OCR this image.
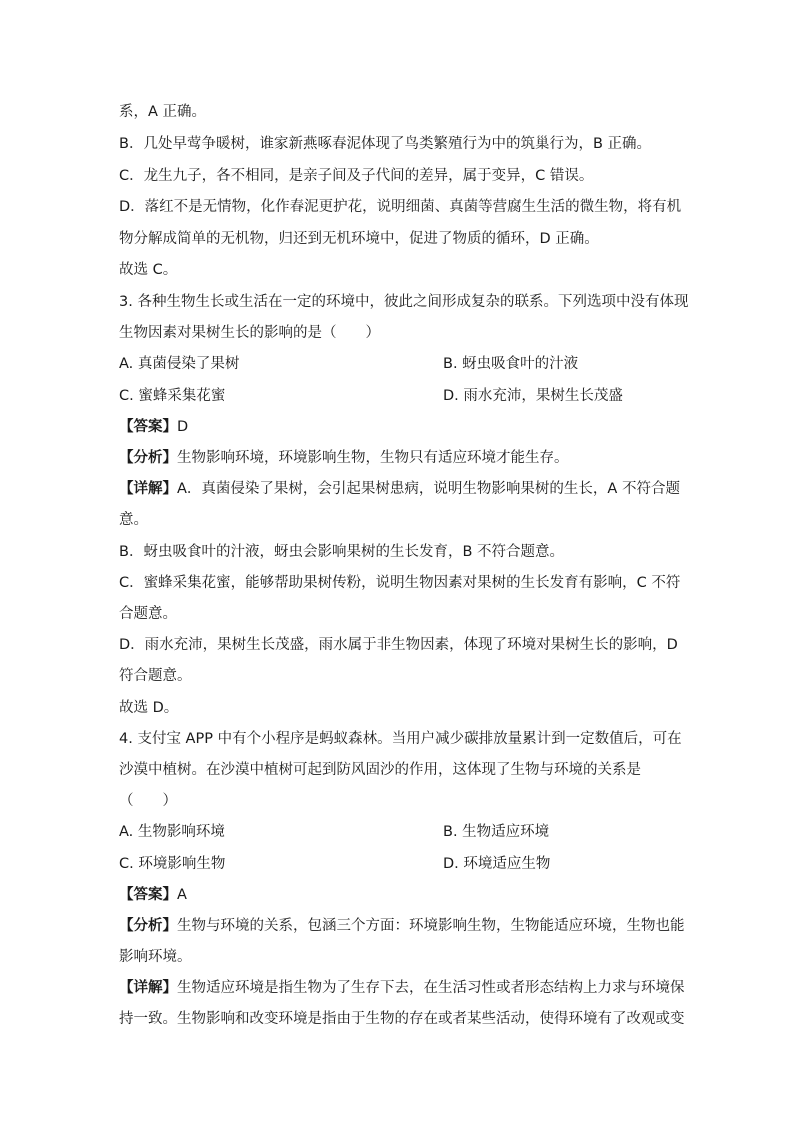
系，A 正确。
B．几处早莺争暖树，谁家新燕啄春泥体现了鸟类繁殖行为中的筑巢行为，B 正确。
C．龙生九子，各不相同，是亲子间及子代间的差异，属于变异，C 错误。
D．落红不是无情物，化作春泥更护花，说明细菌、真菌等营腐生生活的微生物，将有机
物分解成简单的无机物，归还到无机环境中，促进了物质的循环，D 正确。
故选 C。
3. 各种生物生长或生活在一定的环境中，彼此之间形成复杂的联系。下列选项中没有体现
生物因素对果树生长的影响的是（　　）
A. 真菌侵染了果树	B. 蚜虫吸食叶的汁液
C. 蜜蜂采集花蜜	D. 雨水充沛，果树生长茂盛
【答案】D
【分析】生物影响环境，环境影响生物，生物只有适应环境才能生存。
【详解】A．真菌侵染了果树，会引起果树患病，说明生物影响果树的生长，A 不符合题
意。
B．蚜虫吸食叶的汁液，蚜虫会影响果树的生长发育，B 不符合题意。
C．蜜蜂采集花蜜，能够帮助果树传粉，说明生物因素对果树的生长发育有影响，C 不符
合题意。
D．雨水充沛，果树生长茂盛，雨水属于非生物因素，体现了环境对果树生长的影响，D
符合题意。
故选 D。
4. 支付宝 APP 中有个小程序是蚂蚁森林。当用户减少碳排放量累计到一定数值后，可在
沙漠中植树。在沙漠中植树可起到防风固沙的作用，这体现了生物与环境的关系是
（　　）
A. 生物影响环境	B. 生物适应环境
C. 环境影响生物	D. 环境适应生物
【答案】A
【分析】生物与环境的关系，包涵三个方面：环境影响生物，生物能适应环境，生物也能
影响环境。
【详解】生物适应环境是指生物为了生存下去，在生活习性或者形态结构上力求与环境保
持一致。生物影响和改变环境是指由于生物的存在或者某些活动，使得环境有了改观或变
